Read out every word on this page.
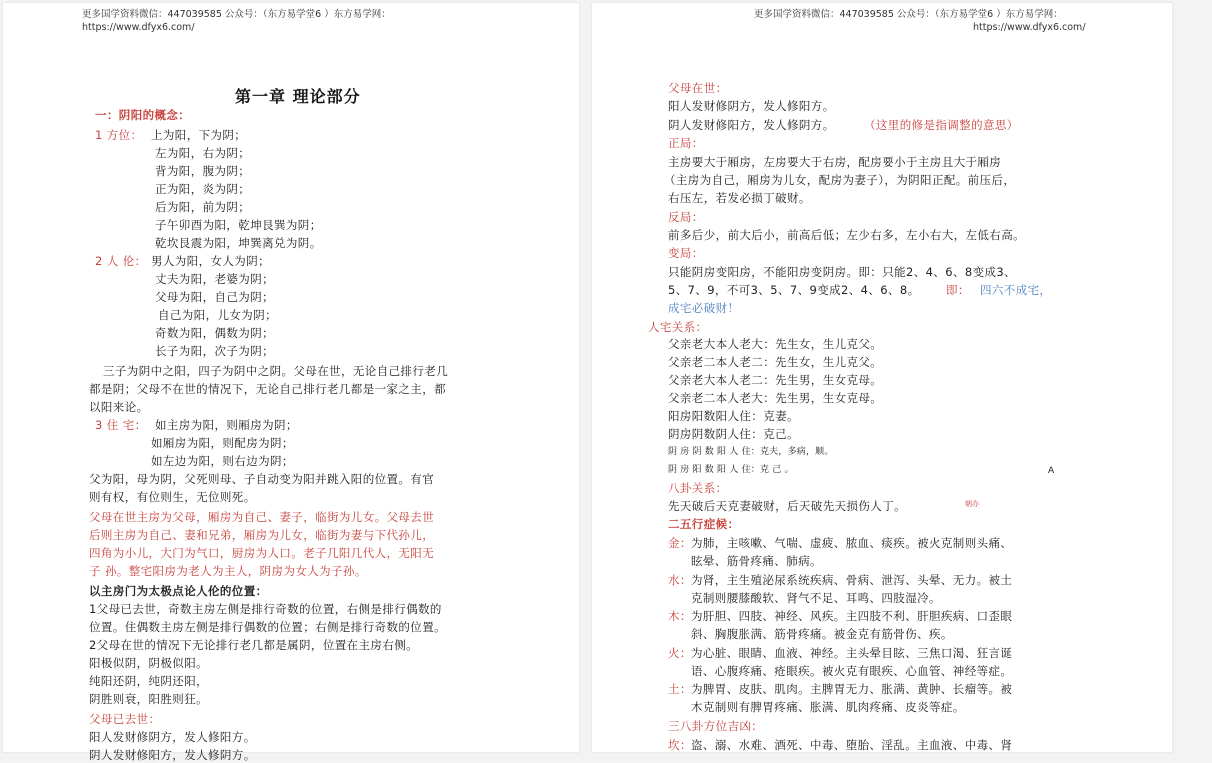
更多国学资料微信：447039585 公众号：（东方易学堂6 ）东方易学网：
https://www.dfyx6.com/
第一章 理论部分
一：阴阳的概念：
1 方位： 上为阳，下为阴；
左为阳，右为阴；
背为阳，腹为阴；
正为阳，炎为阴；
后为阳，前为阴；
子午卯酉为阳，乾坤艮巽为阴；
乾坎艮震为阳，坤巽离兑为阴。
2 人 伦： 男人为阳，女人为阴；
丈夫为阳，老婆为阴；
父母为阳，自己为阴；
自己为阳，儿女为阴；
奇数为阳，偶数为阴；
长子为阳，次子为阴；
三子为阴中之阳，四子为阴中之阴。父母在世，无论自己排行老几
都是阴；父母不在世的情况下，无论自己排行老几都是一家之主，都
以阳来论。
3 住 宅： 如主房为阳，则厢房为阴；
如厢房为阳，则配房为阴；
如左边为阳，则右边为阴；
父为阳，母为阴，父死则母、子自动变为阳并跳入阳的位置。有官
则有权，有位则生，无位则死。
父母在世主房为父母，厢房为自己、妻子，临街为儿女。父母去世
后则主房为自己、妻和兄弟，厢房为儿女，临街为妻与下代孙儿，
四角为小儿，大门为气口，厨房为人口。老子几阳几代人，无阳无
子 孙。整宅阳房为老人为主人，阴房为女人为子孙。
以主房门为太极点论人伦的位置：
1父母已去世，奇数主房左侧是排行奇数的位置，右侧是排行偶数的
位置。住偶数主房左侧是排行偶数的位置；右侧是排行奇数的位置。
2父母在世的情况下无论排行老几都是属阴，位置在主房右侧。
阳极似阴，阴极似阳。
纯阳还阴，纯阴还阳，
阴胜则衰，阳胜则狂。
父母已去世：
阳人发财修阴方，发人修阳方。
阴人发财修阳方，发人修阴方。
更多国学资料微信：447039585 公众号：（东方易学堂6 ）东方易学网：
https://www.dfyx6.com/
父母在世：
阳人发财修阴方，发人修阳方。
阴人发财修阳方，发人修阴方。	（这里的修是指调整的意思）
正局：
主房要大于厢房，左房要大于右房，配房要小于主房且大于厢房
（主房为自己，厢房为儿女，配房为妻子），为阴阳正配。前压后，
右压左，若发必损丁破财。
反局：
前多后少，前大后小，前高后低；左少右多，左小右大，左低右高。
变局：
只能阴房变阳房，不能阳房变阴房。即：只能2、4、6、8变成3、
5、7、9，不可3、5、7、9变成2、4、6、8。 即： 四六不成宅，
成宅必破财！
人宅关系：
父亲老大本人老大：先生女，生儿克父。
父亲老二本人老二：先生女，生儿克父。
父亲老大本人老二：先生男，生女克母。
父亲老二本人老大：先生男，生女克母。
阳房阳数阳人住：克妻。
阴房阴数阴人住：克己。
阴 房 阴 数 阳 人 住：克夫，多病，顺。
阴 房 阳 数 阳 人 住：克 己 。	A
八卦关系：
先天破后天克妻破财，后天破先天损伤人丁。	朝办
二五行症候：
金： 为肺，主咳嗽、气喘、虚疲、脓血、痰疾。被火克制则头痛、
眩晕、筋骨疼痛、肺病。
水： 为肾，主生殖泌尿系统疾病、骨病、泄泻、头晕、无力。被土
克制则腰膝酸软、肾气不足、耳鸣、四肢湿冷。
木： 为肝胆、四肢、神经、风疾。主四肢不利、肝胆疾病、口歪眼
斜、胸腹胀满、筋骨疼痛。被金克有筋骨伤、疾。
火： 为心脏、眼睛、血液、神经。主头晕目眩、三焦口渴、狂言诞
语、心腹疼痛、疮眼疾。被火克有眼疾、心血管、神经等症。
土： 为脾胃、皮肤、肌肉。主脾胃无力、胀满、黄肿、长瘤等。被
木克制则有脾胃疼痛、胀满、肌肉疼痛、皮炎等症。
三八卦方位吉凶：
坎： 盗、溺、水难、酒死、中毒、堕胎、淫乱。主血液、中毒、肾
